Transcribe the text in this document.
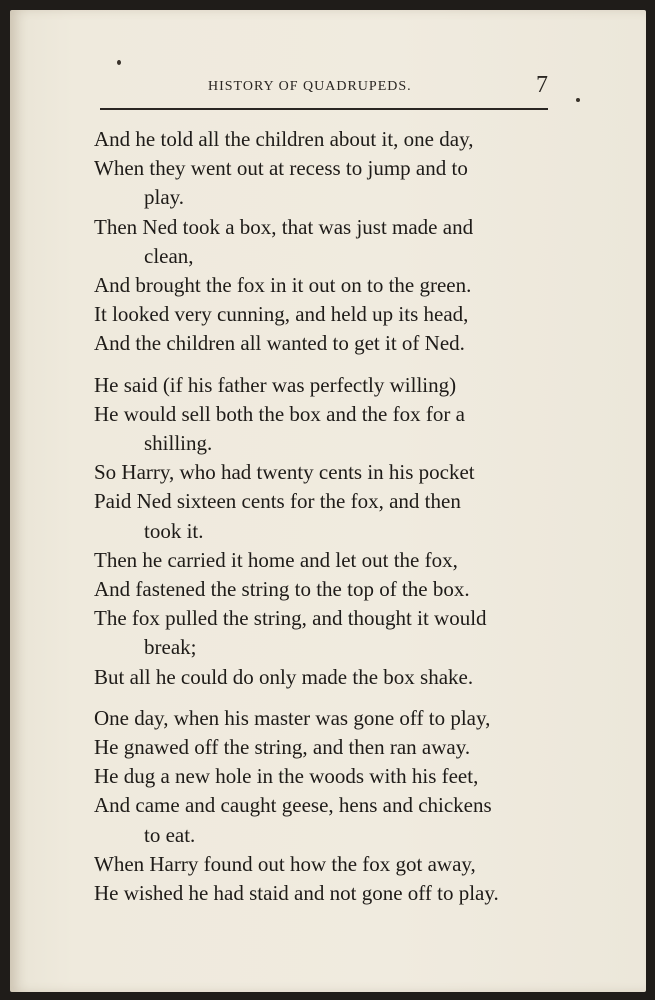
HISTORY OF QUADRUPEDS.	7
And he told all the children about it, one day,
When they went out at recess to jump and to
play.
Then Ned took a box, that was just made and
clean,
And brought the fox in it out on to the green.
It looked very cunning, and held up its head,
And the children all wanted to get it of Ned.
He said (if his father was perfectly willing)
He would sell both the box and the fox for a
shilling.
So Harry, who had twenty cents in his pocket
Paid Ned sixteen cents for the fox, and then
took it.
Then he carried it home and let out the fox,
And fastened the string to the top of the box.
The fox pulled the string, and thought it would
break;
But all he could do only made the box shake.
One day, when his master was gone off to play,
He gnawed off the string, and then ran away.
He dug a new hole in the woods with his feet,
And came and caught geese, hens and chickens
to eat.
When Harry found out how the fox got away,
He wished he had staid and not gone off to play.
